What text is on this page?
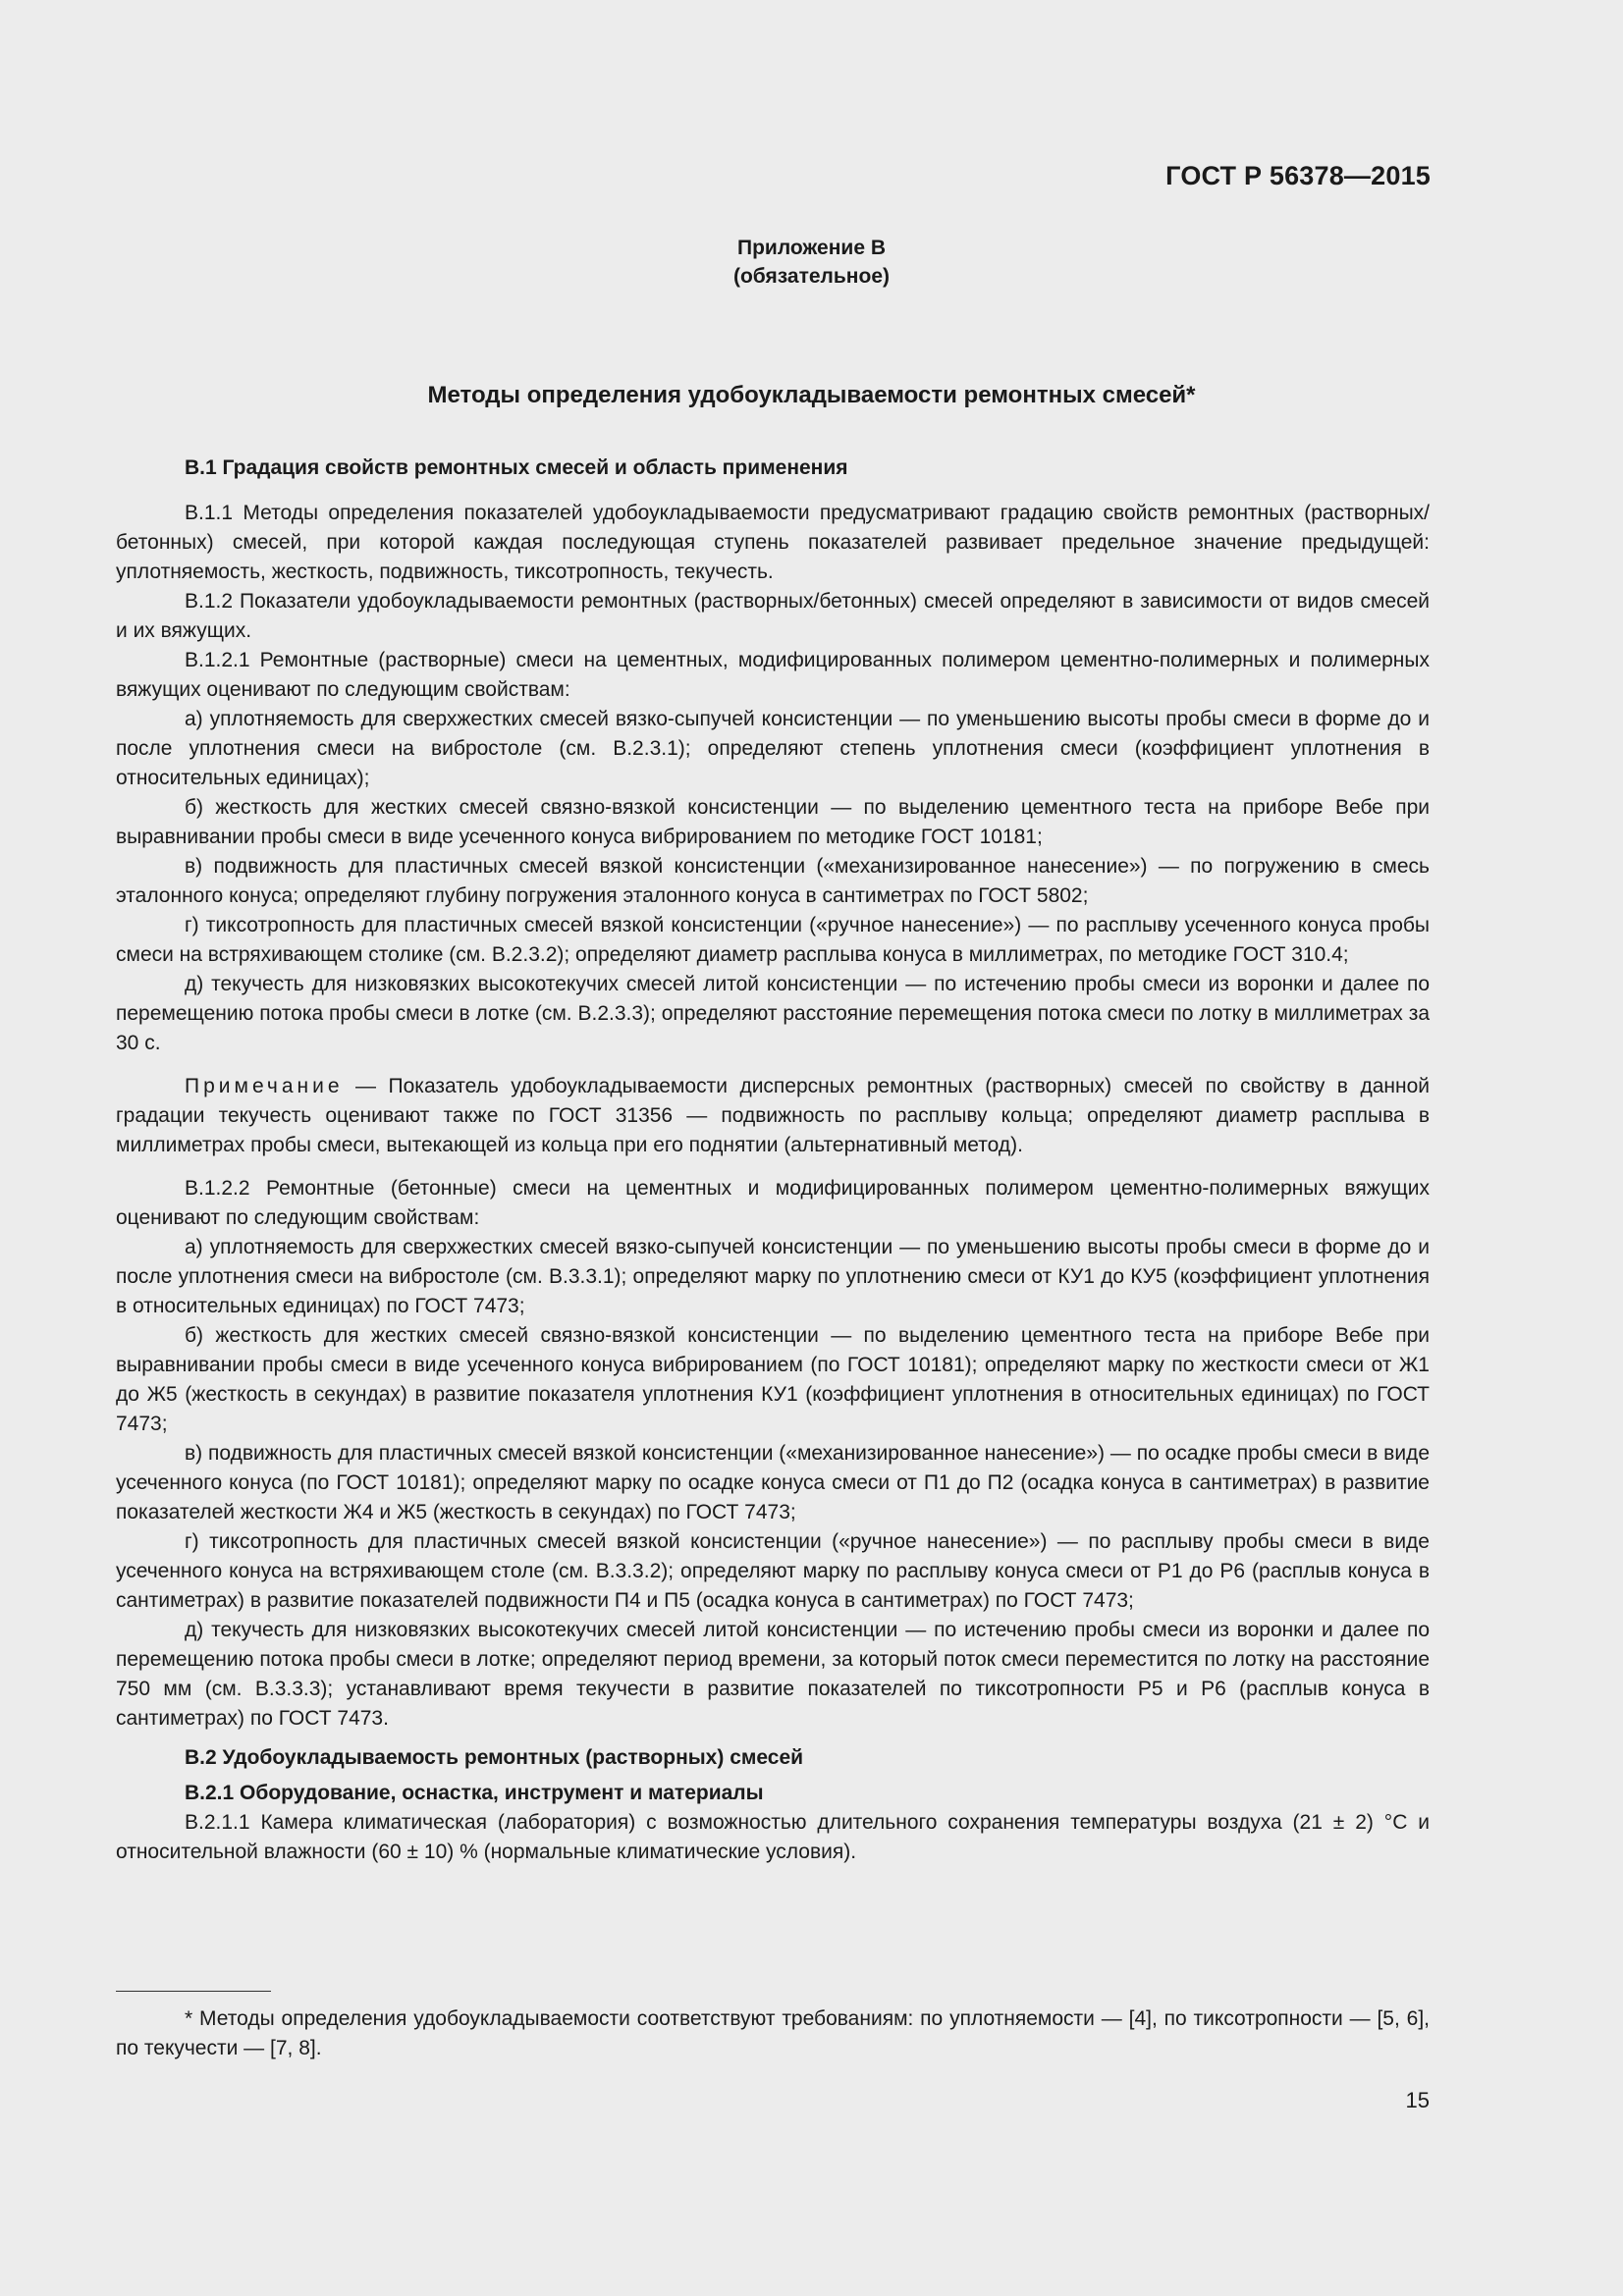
ГОСТ Р 56378—2015
Приложение В
(обязательное)
Методы определения удобоукладываемости ремонтных смесей*

В.1 Градация свойств ремонтных смесей и область применения

В.1.1 Методы определения показателей удобоукладываемости предусматривают градацию свойств ремонтных (растворных/бетонных) смесей, при которой каждая последующая ступень показателей развивает предельное значение предыдущей: уплотняемость, жесткость, подвижность, тиксотропность, текучесть.

В.1.2 Показатели удобоукладываемости ремонтных (растворных/бетонных) смесей определяют в зависимости от видов смесей и их вяжущих.

В.1.2.1 Ремонтные (растворные) смеси на цементных, модифицированных полимером цементно-полимерных и полимерных вяжущих оценивают по следующим свойствам:

а) уплотняемость для сверхжестких смесей вязко-сыпучей консистенции — по уменьшению высоты пробы смеси в форме до и после уплотнения смеси на вибростоле (см. В.2.3.1); определяют степень уплотнения смеси (коэффициент уплотнения в относительных единицах);

б) жесткость для жестких смесей связно-вязкой консистенции — по выделению цементного теста на приборе Вебе при выравнивании пробы смеси в виде усеченного конуса вибрированием по методике ГОСТ 10181;

в) подвижность для пластичных смесей вязкой консистенции («механизированное нанесение») — по погружению в смесь эталонного конуса; определяют глубину погружения эталонного конуса в сантиметрах по ГОСТ 5802;

г) тиксотропность для пластичных смесей вязкой консистенции («ручное нанесение») — по расплыву усеченного конуса пробы смеси на встряхивающем столике (см. В.2.3.2); определяют диаметр расплыва конуса в миллиметрах, по методике ГОСТ 310.4;

д) текучесть для низковязких высокотекучих смесей литой консистенции — по истечению пробы смеси из воронки и далее по перемещению потока пробы смеси в лотке (см. В.2.3.3); определяют расстояние перемещения потока смеси по лотку в миллиметрах за 30 с.

Примечание — Показатель удобоукладываемости дисперсных ремонтных (растворных) смесей по свойству в данной градации текучесть оценивают также по ГОСТ 31356 — подвижность по расплыву кольца; определяют диаметр расплыва в миллиметрах пробы смеси, вытекающей из кольца при его поднятии (альтернативный метод).

В.1.2.2 Ремонтные (бетонные) смеси на цементных и модифицированных полимером цементно-полимерных вяжущих оценивают по следующим свойствам:

а) уплотняемость для сверхжестких смесей вязко-сыпучей консистенции — по уменьшению высоты пробы смеси в форме до и после уплотнения смеси на вибростоле (см. В.3.3.1); определяют марку по уплотнению смеси от КУ1 до КУ5 (коэффициент уплотнения в относительных единицах) по ГОСТ 7473;

б) жесткость для жестких смесей связно-вязкой консистенции — по выделению цементного теста на приборе Вебе при выравнивании пробы смеси в виде усеченного конуса вибрированием (по ГОСТ 10181); определяют марку по жесткости смеси от Ж1 до Ж5 (жесткость в секундах) в развитие показателя уплотнения КУ1 (коэффициент уплотнения в относительных единицах) по ГОСТ 7473;

в) подвижность для пластичных смесей вязкой консистенции («механизированное нанесение») — по осадке пробы смеси в виде усеченного конуса (по ГОСТ 10181); определяют марку по осадке конуса смеси от П1 до П2 (осадка конуса в сантиметрах) в развитие показателей жесткости Ж4 и Ж5 (жесткость в секундах) по ГОСТ 7473;

г) тиксотропность для пластичных смесей вязкой консистенции («ручное нанесение») — по расплыву пробы смеси в виде усеченного конуса на встряхивающем столе (см. В.3.3.2); определяют марку по расплыву конуса смеси от Р1 до Р6 (расплыв конуса в сантиметрах) в развитие показателей подвижности П4 и П5 (осадка конуса в сантиметрах) по ГОСТ 7473;

д) текучесть для низковязких высокотекучих смесей литой консистенции — по истечению пробы смеси из воронки и далее по перемещению потока пробы смеси в лотке; определяют период времени, за который поток смеси переместится по лотку на расстояние 750 мм (см. В.3.3.3); устанавливают время текучести в развитие показателей по тиксотропности Р5 и Р6 (расплыв конуса в сантиметрах) по ГОСТ 7473.

В.2 Удобоукладываемость ремонтных (растворных) смесей

В.2.1 Оборудование, оснастка, инструмент и материалы

В.2.1.1 Камера климатическая (лаборатория) с возможностью длительного сохранения температуры воздуха (21 ± 2) °С и относительной влажности (60 ± 10) % (нормальные климатические условия).

* Методы определения удобоукладываемости соответствуют требованиям: по уплотняемости — [4], по тиксотропности — [5, 6], по текучести — [7, 8].

15
